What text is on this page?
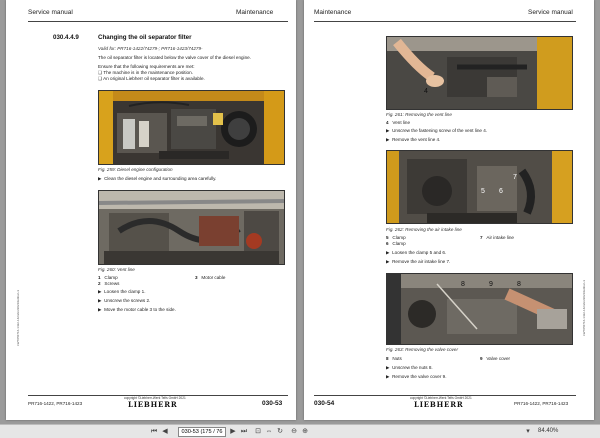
Service manual	Maintenance
030.4.4.9	Changing the oil separator filter
Valid for: PR716-1422/74279-; PR716-1423/74279-
The oil separator filter is located below the valve cover of the diesel engine.
Ensure that the following requirements are met:
❑ The machine is in the maintenance position.
❑ An original Liebherr oil separator filter is available.
Fig. 259: Diesel engine configuration
▶  Clean the diesel engine and surrounding area carefully.
Fig. 260: Vent line
1 Clamp
2 Screws
3 Motor cable
▶  Loosen the clamp 1.
▶  Unscrew the screws 2.
▶  Move the motor cable 3 to the side.
LWT/PR716-1422-1423/en/2021/Edition-3
copyright ©Liebherr-Werk Telfs GmbH 2021
LIEBHERR
PR716-1422, PR716-1423	030-53
Maintenance	Service manual
4
Fig. 261: Removing the vent line
4 Vent line
▶  Unscrew the fastening screw of the vent line 4.
▶  Remove the vent line 4.
5 6
7
Fig. 262: Removing the air intake line
5 Clamp
6 Clamp
7 Air intake line
▶  Loosen the clamp 5 and 6.
▶  Remove the air intake line 7.
8	9	8
Fig. 263: Removing the valve cover
8 Nuts	9 Valve cover
▶  Unscrew the nuts 8.
▶  Remove the valve cover 9.
LWT/PR716-1422-1423/en/2021/Edition-3
copyright ©Liebherr-Werk Telfs GmbH 2021
LIEBHERR
030-54	PR716-1422, PR716-1423
⏮ ◀
030-53 (175 / 76	▶ ⏭ ⊡ ⇔ ↻ ⊖ ⊕	▾	84.40%
